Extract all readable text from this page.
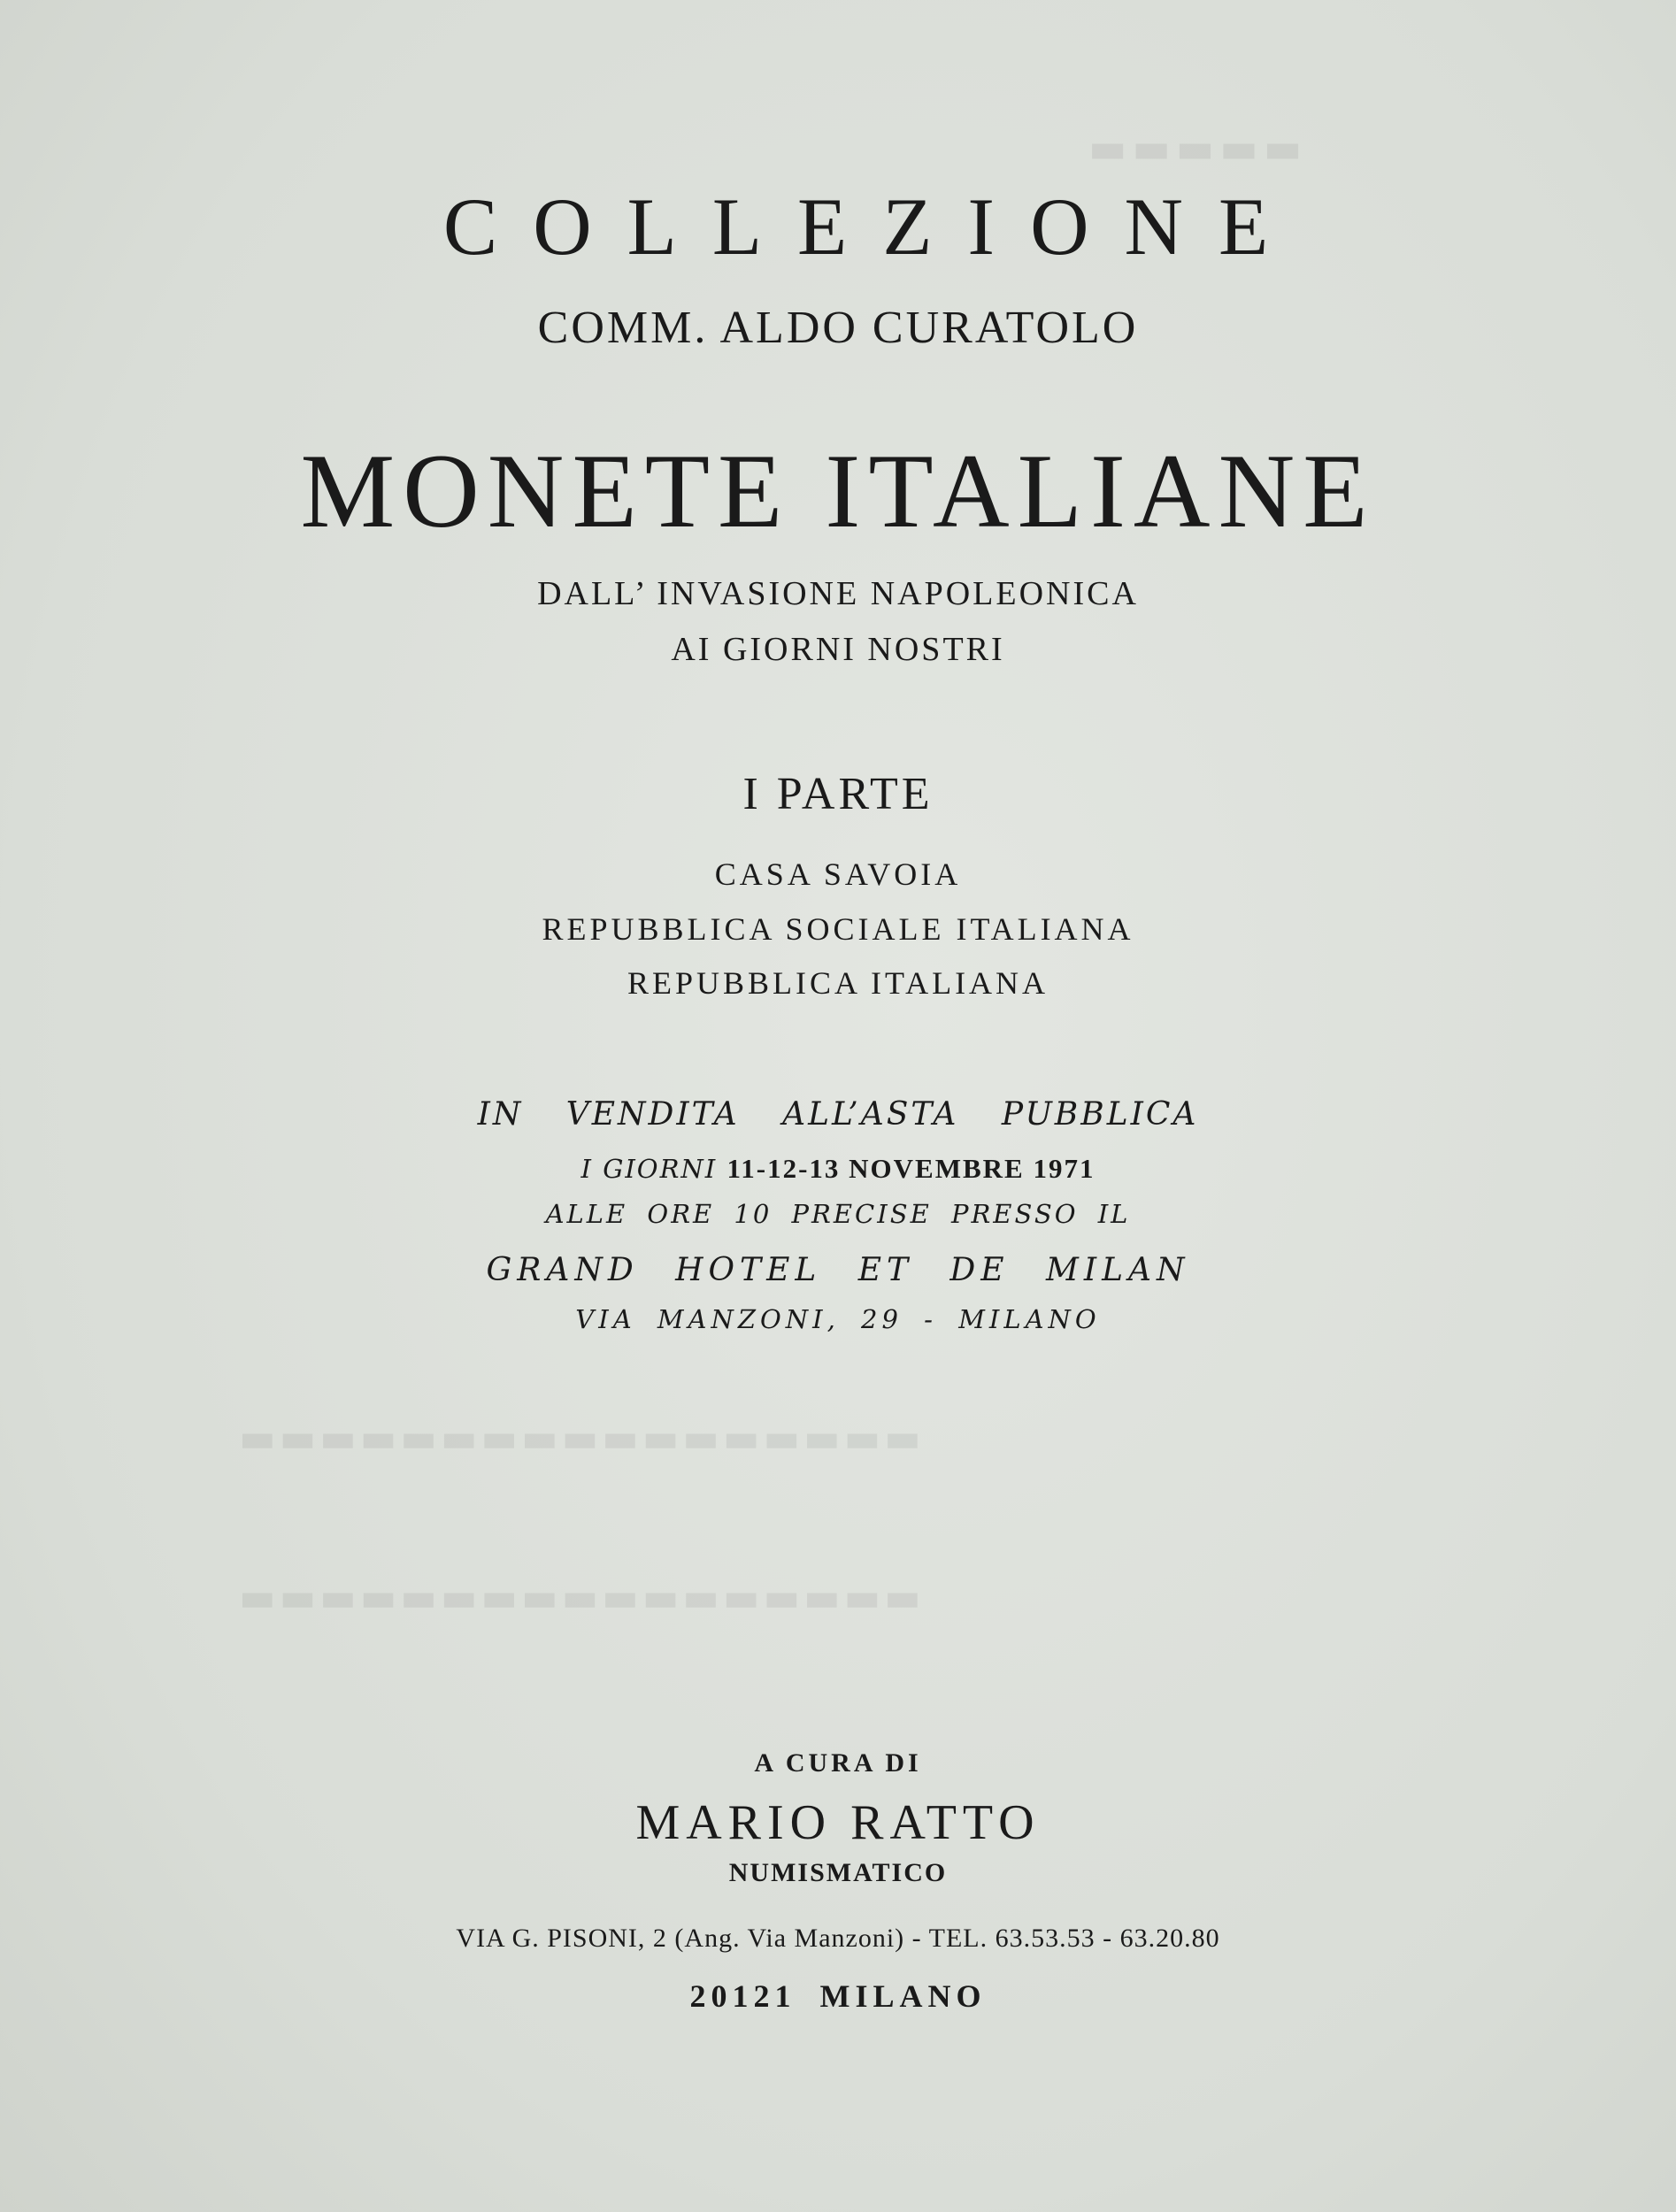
▬▬▬▬▬
▬▬▬▬▬▬▬▬▬▬▬▬▬▬▬▬▬
▬▬▬▬▬▬▬▬▬▬▬▬▬▬▬▬▬
COLLEZIONE
COMM. ALDO CURATOLO
MONETE ITALIANE
DALL’ INVASIONE NAPOLEONICA
AI GIORNI NOSTRI
I PARTE
CASA SAVOIA
REPUBBLICA SOCIALE ITALIANA
REPUBBLICA ITALIANA
IN VENDITA ALL’ASTA PUBBLICA
I GIORNI 11-12-13 NOVEMBRE 1971
ALLE ORE 10 PRECISE PRESSO IL
GRAND HOTEL ET DE MILAN
VIA MANZONI, 29 - MILANO
A CURA DI
MARIO RATTO
NUMISMATICO
VIA G. PISONI, 2 (Ang. Via Manzoni) - TEL. 63.53.53 - 63.20.80
20121 MILANO
